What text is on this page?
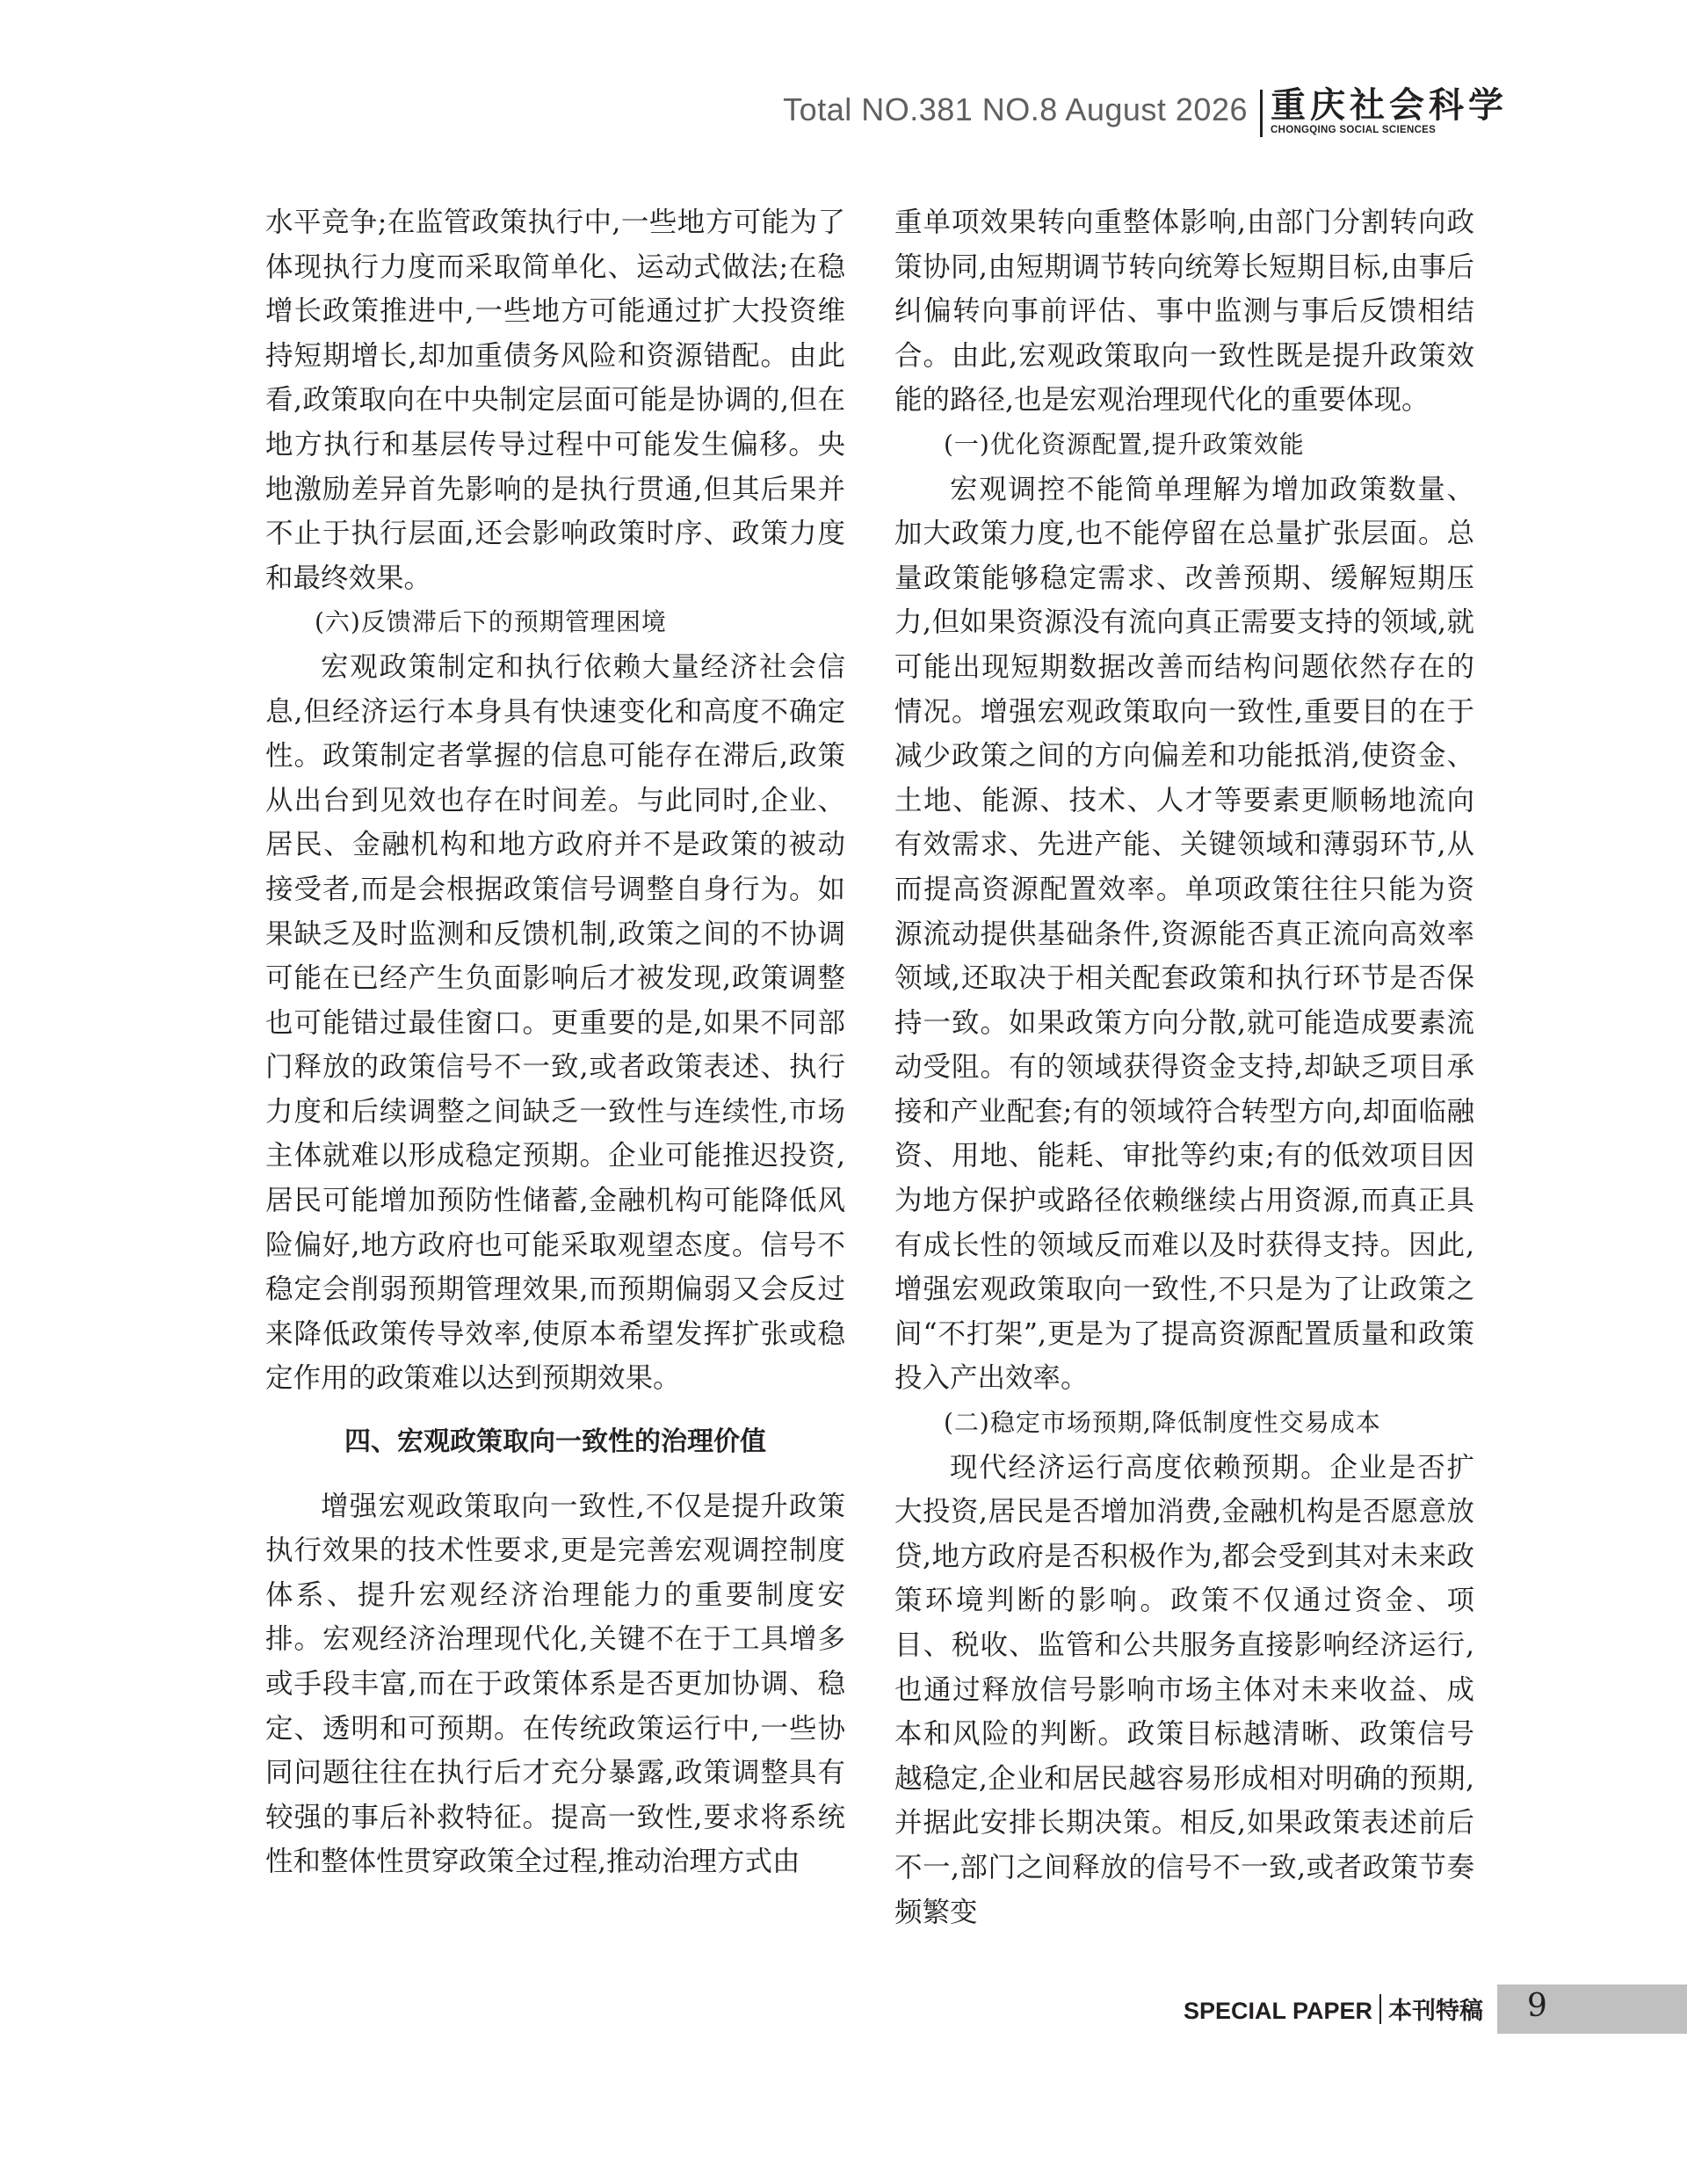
Total NO.381 NO.8 August 2026 重庆社会科学
CHONGQING SOCIAL SCIENCES

水平竞争;在监管政策执行中,一些地方可能为了体现执行力度而采取简单化、运动式做法;在稳增长政策推进中,一些地方可能通过扩大投资维持短期增长,却加重债务风险和资源错配。由此看,政策取向在中央制定层面可能是协调的,但在地方执行和基层传导过程中可能发生偏移。央地激励差异首先影响的是执行贯通,但其后果并不止于执行层面,还会影响政策时序、政策力度和最终效果。

(六)反馈滞后下的预期管理困境

宏观政策制定和执行依赖大量经济社会信息,但经济运行本身具有快速变化和高度不确定性。政策制定者掌握的信息可能存在滞后,政策从出台到见效也存在时间差。与此同时,企业、居民、金融机构和地方政府并不是政策的被动接受者,而是会根据政策信号调整自身行为。如果缺乏及时监测和反馈机制,政策之间的不协调可能在已经产生负面影响后才被发现,政策调整也可能错过最佳窗口。更重要的是,如果不同部门释放的政策信号不一致,或者政策表述、执行力度和后续调整之间缺乏一致性与连续性,市场主体就难以形成稳定预期。企业可能推迟投资,居民可能增加预防性储蓄,金融机构可能降低风险偏好,地方政府也可能采取观望态度。信号不稳定会削弱预期管理效果,而预期偏弱又会反过来降低政策传导效率,使原本希望发挥扩张或稳定作用的政策难以达到预期效果。

四、宏观政策取向一致性的治理价值

增强宏观政策取向一致性,不仅是提升政策执行效果的技术性要求,更是完善宏观调控制度体系、提升宏观经济治理能力的重要制度安排。宏观经济治理现代化,关键不在于工具增多或手段丰富,而在于政策体系是否更加协调、稳定、透明和可预期。在传统政策运行中,一些协同问题往往在执行后才充分暴露,政策调整具有较强的事后补救特征。提高一致性,要求将系统性和整体性贯穿政策全过程,推动治理方式由

重单项效果转向重整体影响,由部门分割转向政策协同,由短期调节转向统筹长短期目标,由事后纠偏转向事前评估、事中监测与事后反馈相结合。由此,宏观政策取向一致性既是提升政策效能的路径,也是宏观治理现代化的重要体现。

(一)优化资源配置,提升政策效能

宏观调控不能简单理解为增加政策数量、加大政策力度,也不能停留在总量扩张层面。总量政策能够稳定需求、改善预期、缓解短期压力,但如果资源没有流向真正需要支持的领域,就可能出现短期数据改善而结构问题依然存在的情况。增强宏观政策取向一致性,重要目的在于减少政策之间的方向偏差和功能抵消,使资金、土地、能源、技术、人才等要素更顺畅地流向有效需求、先进产能、关键领域和薄弱环节,从而提高资源配置效率。单项政策往往只能为资源流动提供基础条件,资源能否真正流向高效率领域,还取决于相关配套政策和执行环节是否保持一致。如果政策方向分散,就可能造成要素流动受阻。有的领域获得资金支持,却缺乏项目承接和产业配套;有的领域符合转型方向,却面临融资、用地、能耗、审批等约束;有的低效项目因为地方保护或路径依赖继续占用资源,而真正具有成长性的领域反而难以及时获得支持。因此,增强宏观政策取向一致性,不只是为了让政策之间“不打架”,更是为了提高资源配置质量和政策投入产出效率。

(二)稳定市场预期,降低制度性交易成本

现代经济运行高度依赖预期。企业是否扩大投资,居民是否增加消费,金融机构是否愿意放贷,地方政府是否积极作为,都会受到其对未来政策环境判断的影响。政策不仅通过资金、项目、税收、监管和公共服务直接影响经济运行,也通过释放信号影响市场主体对未来收益、成本和风险的判断。政策目标越清晰、政策信号越稳定,企业和居民越容易形成相对明确的预期,并据此安排长期决策。相反,如果政策表述前后不一,部门之间释放的信号不一致,或者政策节奏频繁变

SPECIAL PAPER 本刊特稿 9
